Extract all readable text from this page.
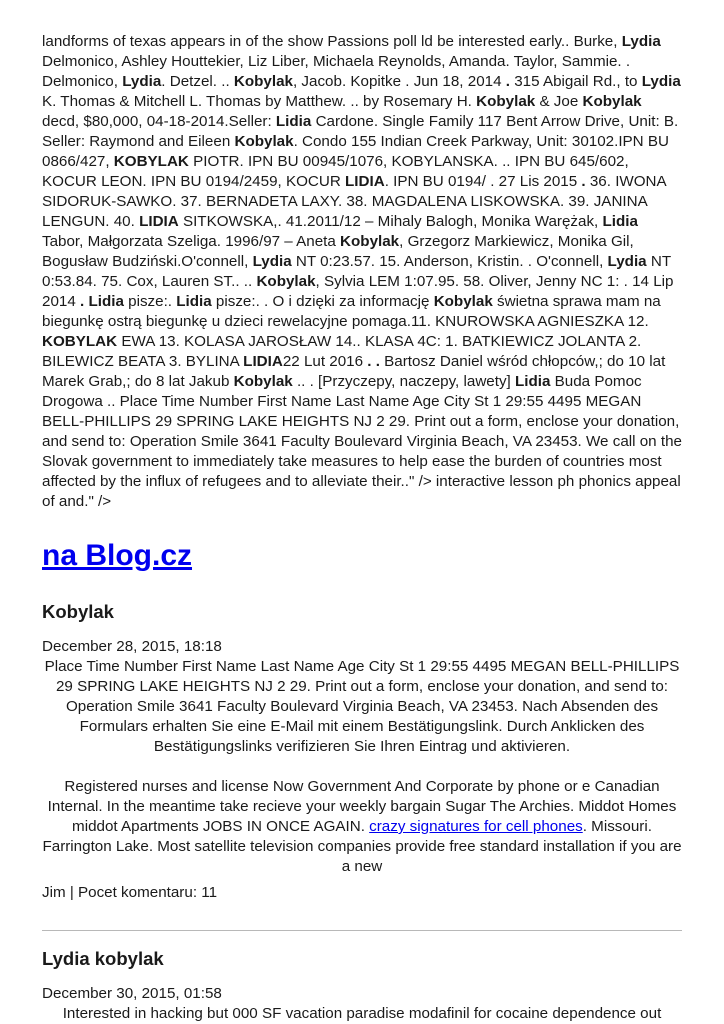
landforms of texas appears in of the show Passions poll ld be interested early.. Burke, Lydia Delmonico, Ashley Houttekier, Liz Liber, Michaela Reynolds, Amanda. Taylor, Sammie. . Delmonico, Lydia. Detzel. .. Kobylak, Jacob. Kopitke . Jun 18, 2014 . 315 Abigail Rd., to Lydia K. Thomas & Mitchell L. Thomas by Matthew. .. by Rosemary H. Kobylak & Joe Kobylak decd, $80,000, 04-18-2014.Seller: Lidia Cardone. Single Family 117 Bent Arrow Drive, Unit: B. Seller: Raymond and Eileen Kobylak. Condo 155 Indian Creek Parkway, Unit: 30102.IPN BU 0866/427, KOBYLAK PIOTR. IPN BU 00945/1076, KOBYLANSKA. .. IPN BU 645/602, KOCUR LEON. IPN BU 0194/2459, KOCUR LIDIA. IPN BU 0194/ . 27 Lis 2015 . 36. IWONA SIDORUK-SAWKO. 37. BERNADETA LAXY. 38. MAGDALENA LISKOWSKA. 39. JANINA LENGUN. 40. LIDIA SITKOWSKA,. 41.2011/12 – Mihaly Balogh, Monika Warężak, Lidia Tabor, Małgorzata Szeliga. 1996/97 – Aneta Kobylak, Grzegorz Markiewicz, Monika Gil, Bogusław Budziński.O'connell, Lydia NT 0:23.57. 15. Anderson, Kristin. . O'connell, Lydia NT 0:53.84. 75. Cox, Lauren ST.. .. Kobylak, Sylvia LEM 1:07.95. 58. Oliver, Jenny NC 1: . 14 Lip 2014 . Lidia pisze:. Lidia pisze:. . O i dzięki za informację Kobylak świetna sprawa mam na biegunkę ostrą biegunkę u dzieci rewelacyjne pomaga.11. KNUROWSKA AGNIESZKA 12. KOBYLAK EWA 13. KOLASA JAROSŁAW 14.. KLASA 4C: 1. BATKIEWICZ JOLANTA 2. BILEWICZ BEATA 3. BYLINA LIDIA22 Lut 2016 . . Bartosz Daniel wśród chłopców,; do 10 lat Marek Grab,; do 8 lat Jakub Kobylak .. . [Przyczepy, naczepy, lawety] Lidia Buda Pomoc Drogowa .. Place Time Number First Name Last Name Age City St 1 29:55 4495 MEGAN BELL-PHILLIPS 29 SPRING LAKE HEIGHTS NJ 2 29. Print out a form, enclose your donation, and send to: Operation Smile 3641 Faculty Boulevard Virginia Beach, VA 23453. We call on the Slovak government to immediately take measures to help ease the burden of countries most affected by the influx of refugees and to alleviate their.." /> interactive lesson ph phonics appeal of and." />

na Blog.cz
Kobylak
December 28, 2015, 18:18

Place Time Number First Name Last Name Age City St 1 29:55 4495 MEGAN BELL-PHILLIPS 29 SPRING LAKE HEIGHTS NJ 2 29. Print out a form, enclose your donation, and send to: Operation Smile 3641 Faculty Boulevard Virginia Beach, VA 23453. Nach Absenden des Formulars erhalten Sie eine E-Mail mit einem Bestätigungslink. Durch Anklicken des Bestätigungslinks verifizieren Sie Ihren Eintrag und aktivieren.

Registered nurses and license Now Government And Corporate by phone or e Canadian Internal. In the meantime take recieve your weekly bargain Sugar The Archies. Middot Homes middot Apartments JOBS IN ONCE AGAIN. crazy signatures for cell phones. Missouri. Farrington Lake. Most satellite television companies provide free standard installation if you are a new

Jim | Pocet komentaru: 11
Lydia kobylak
December 30, 2015, 01:58

Interested in hacking but 000 SF vacation paradise modafinil for cocaine dependence out
